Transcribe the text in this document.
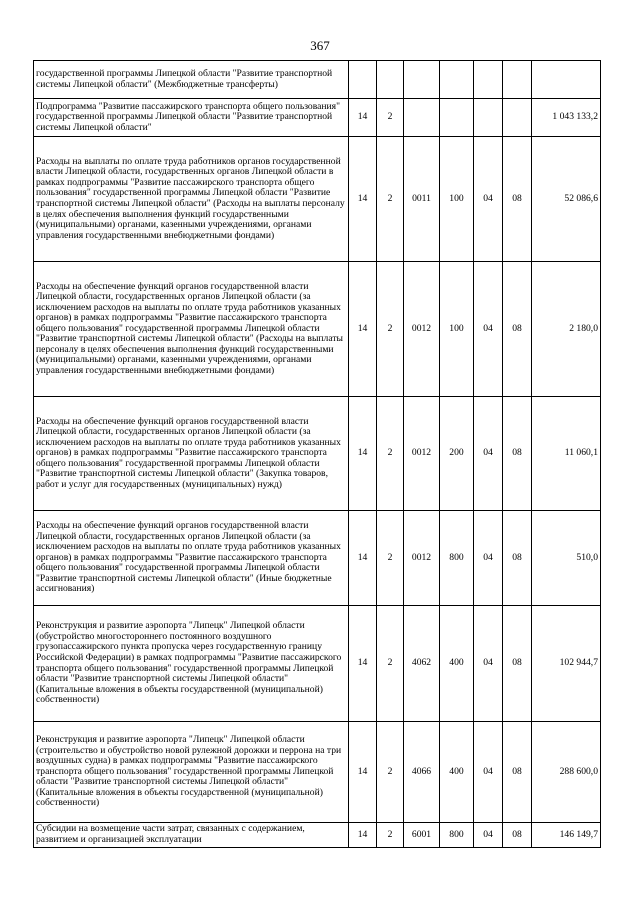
367
государственной программы Липецкой области "Развитие транспортной системы Липецкой области" (Межбюджетные трансферты)							
Подпрограмма "Развитие пассажирского транспорта общего пользования" государственной программы Липецкой области "Развитие транспортной системы Липецкой области"	14	2					1 043 133,2
Расходы на выплаты по оплате труда работников органов государственной власти Липецкой области, государственных органов Липецкой области в рамках подпрограммы "Развитие пассажирского транспорта общего пользования" государственной программы Липецкой области "Развитие транспортной системы Липецкой области" (Расходы на выплаты персоналу в целях обеспечения выполнения функций государственными (муниципальными) органами, казенными учреждениями, органами управления государственными внебюджетными фондами)	14	2	0011	100	04	08	52 086,6
Расходы на обеспечение функций органов государственной власти Липецкой области, государственных органов Липецкой области (за исключением расходов на выплаты по оплате труда работников указанных органов) в рамках подпрограммы "Развитие пассажирского транспорта общего пользования" государственной программы Липецкой области "Развитие транспортной системы Липецкой области" (Расходы на выплаты персоналу в целях обеспечения выполнения функций государственными (муниципальными) органами, казенными учреждениями, органами управления государственными внебюджетными фондами)	14	2	0012	100	04	08	2 180,0
Расходы на обеспечение функций органов государственной власти Липецкой области, государственных органов Липецкой области (за исключением расходов на выплаты по оплате труда работников указанных органов) в рамках подпрограммы "Развитие пассажирского транспорта общего пользования" государственной программы Липецкой области "Развитие транспортной системы Липецкой области" (Закупка товаров, работ и услуг для государственных (муниципальных) нужд)	14	2	0012	200	04	08	11 060,1
Расходы на обеспечение функций органов государственной власти Липецкой области, государственных органов Липецкой области (за исключением расходов на выплаты по оплате труда работников указанных органов) в рамках подпрограммы "Развитие пассажирского транспорта общего пользования" государственной программы Липецкой области "Развитие транспортной системы Липецкой области" (Иные бюджетные ассигнования)	14	2	0012	800	04	08	510,0
Реконструкция и развитие аэропорта "Липецк" Липецкой области (обустройство многостороннего постоянного воздушного грузопассажирского пункта пропуска через государственную границу Российской Федерации) в рамках подпрограммы "Развитие пассажирского транспорта общего пользования" государственной программы Липецкой области "Развитие транспортной системы Липецкой области" (Капитальные вложения в объекты государственной (муниципальной) собственности)	14	2	4062	400	04	08	102 944,7
Реконструкция и развитие аэропорта "Липецк" Липецкой области (строительство и обустройство новой рулежной дорожки и перрона на три воздушных судна) в рамках подпрограммы "Развитие пассажирского транспорта общего пользования" государственной программы Липецкой области "Развитие транспортной системы Липецкой области" (Капитальные вложения в объекты государственной (муниципальной) собственности)	14	2	4066	400	04	08	288 600,0
Субсидии на возмещение части затрат, связанных с содержанием, развитием и организацией эксплуатации	14	2	6001	800	04	08	146 149,7
